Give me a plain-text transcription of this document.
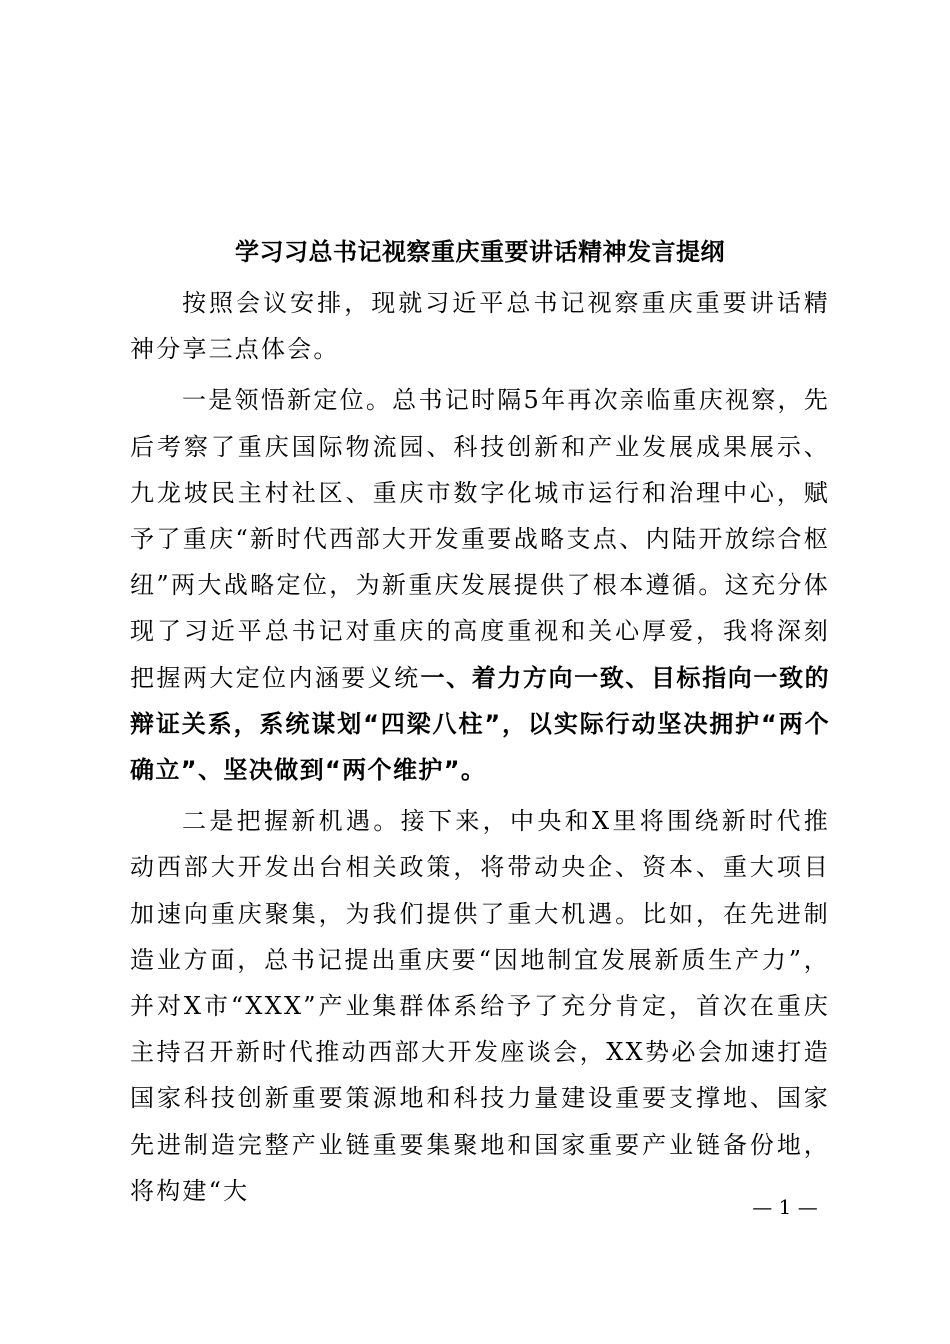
学习习总书记视察重庆重要讲话精神发言提纲

按照会议安排，现就习近平总书记视察重庆重要讲话精神分享三点体会。

一是领悟新定位。总书记时隔5年再次亲临重庆视察，先后考察了重庆国际物流园、科技创新和产业发展成果展示、九龙坡民主村社区、重庆市数字化城市运行和治理中心，赋予了重庆“新时代西部大开发重要战略支点、内陆开放综合枢纽”两大战略定位，为新重庆发展提供了根本遵循。这充分体现了习近平总书记对重庆的高度重视和关心厚爱，我将深刻把握两大定位内涵要义统一、着力方向一致、目标指向一致的辩证关系，系统谋划“四梁八柱”，以实际行动坚决拥护“两个确立”、坚决做到“两个维护”。

二是把握新机遇。接下来，中央和X里将围绕新时代推动西部大开发出台相关政策，将带动央企、资本、重大项目加速向重庆聚集，为我们提供了重大机遇。比如，在先进制造业方面，总书记提出重庆要“因地制宜发展新质生产力”，并对X市“XXX”产业集群体系给予了充分肯定，首次在重庆主持召开新时代推动西部大开发座谈会，XX势必会加速打造国家科技创新重要策源地和科技力量建设重要支撑地、国家先进制造完整产业链重要集聚地和国家重要产业链备份地，将构建“大

— 1 —
